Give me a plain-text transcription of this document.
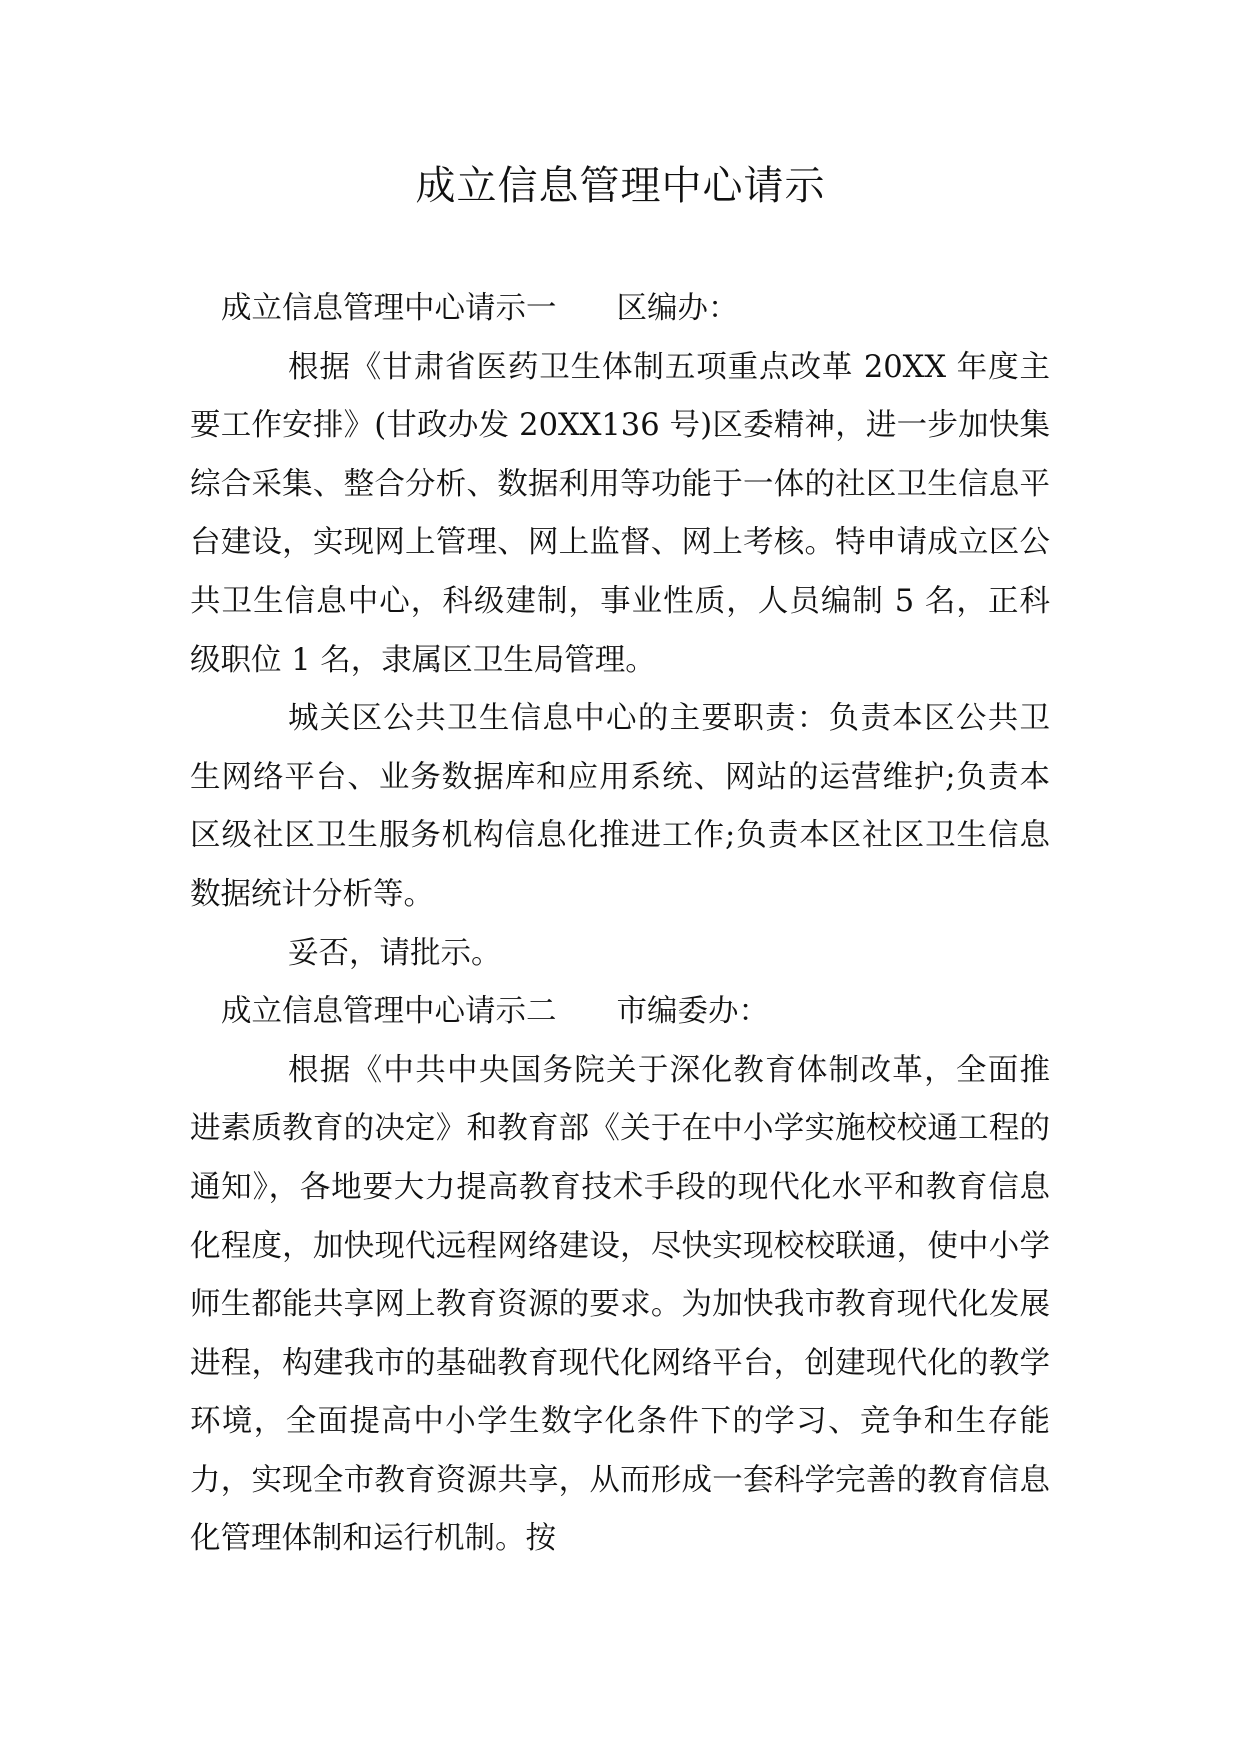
成立信息管理中心请示

成立信息管理中心请示一 区编办：

根据《甘肃省医药卫生体制五项重点改革 20XX 年度主要工作安排》(甘政办发 20XX136 号)区委精神，进一步加快集综合采集、整合分析、数据利用等功能于一体的社区卫生信息平台建设，实现网上管理、网上监督、网上考核。特申请成立区公共卫生信息中心，科级建制，事业性质，人员编制 5 名，正科级职位 1 名，隶属区卫生局管理。

城关区公共卫生信息中心的主要职责：负责本区公共卫生网络平台、业务数据库和应用系统、网站的运营维护;负责本区级社区卫生服务机构信息化推进工作;负责本区社区卫生信息数据统计分析等。

妥否，请批示。

成立信息管理中心请示二 市编委办：

根据《中共中央国务院关于深化教育体制改革，全面推进素质教育的决定》和教育部《关于在中小学实施校校通工程的通知》，各地要大力提高教育技术手段的现代化水平和教育信息化程度，加快现代远程网络建设，尽快实现校校联通，使中小学师生都能共享网上教育资源的要求。为加快我市教育现代化发展进程，构建我市的基础教育现代化网络平台，创建现代化的教学环境，全面提高中小学生数字化条件下的学习、竞争和生存能力，实现全市教育资源共享，从而形成一套科学完善的教育信息化管理体制和运行机制。按
